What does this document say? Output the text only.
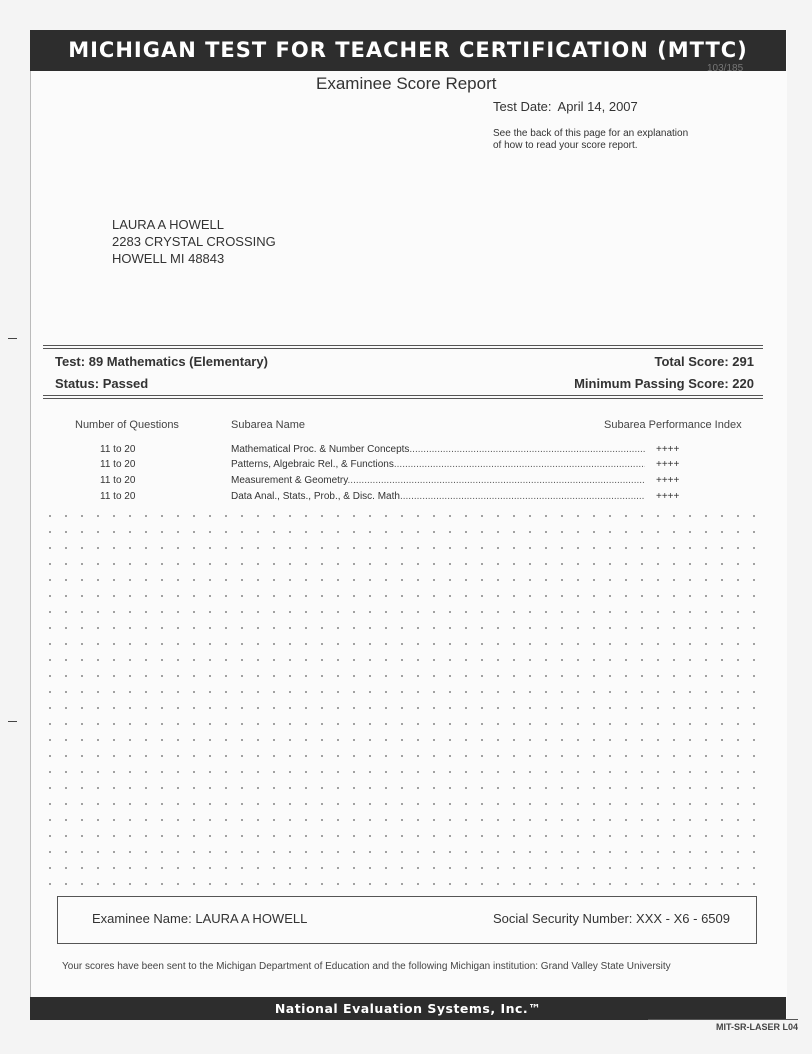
MICHIGAN TEST FOR TEACHER CERTIFICATION (MTTC)
103/185
Examinee Score Report
Test Date: April 14, 2007
See the back of this page for an explanation
of how to read your score report.
LAURA A HOWELL
2283 CRYSTAL CROSSING
HOWELL MI 48843
Test: 89 Mathematics (Elementary)
Status: Passed
Total Score: 291
Minimum Passing Score: 220
Number of Questions	Subarea Name	Subarea Performance Index
11 to 20	Mathematical Proc. & Number Concepts .....	++++
11 to 20	Patterns, Algebraic Rel., & Functions .....	++++
11 to 20	Measurement & Geometry .....	++++
11 to 20	Data Anal., Stats., Prob., & Disc. Math .....	++++
Examinee Name: LAURA A HOWELL	Social Security Number: XXX - X6 - 6509
Your scores have been sent to the Michigan Department of Education and the following Michigan institution: Grand Valley State University
National Evaluation Systems, Inc.™
MIT-SR-LASER L04
